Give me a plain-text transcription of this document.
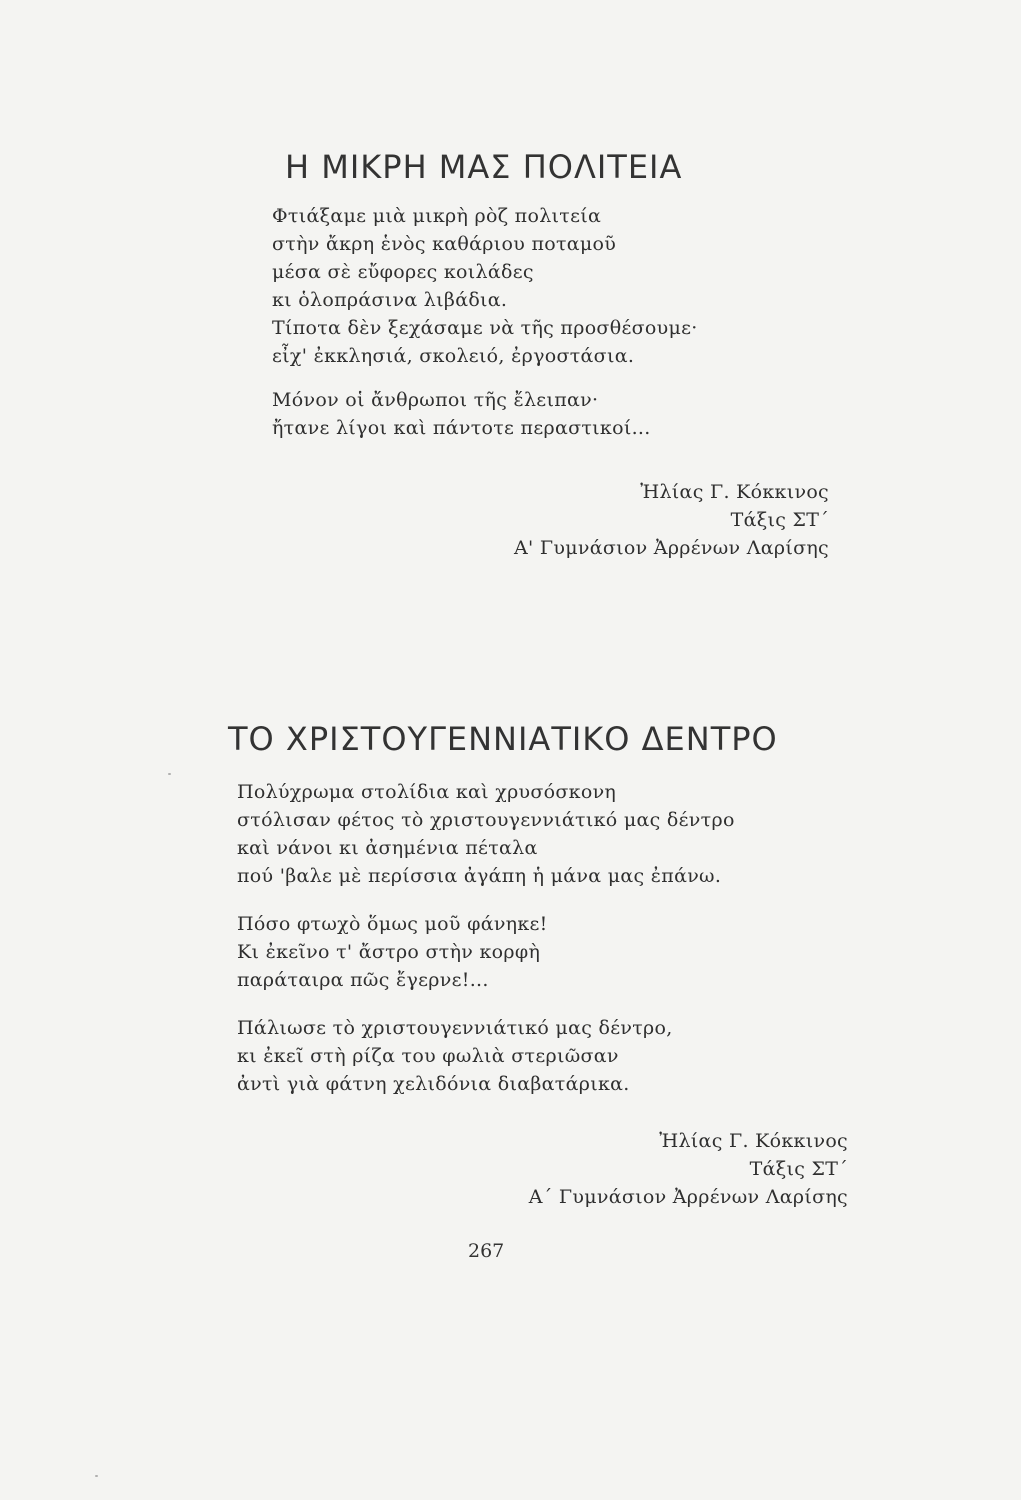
Η ΜΙΚΡΗ ΜΑΣ ΠΟΛΙΤΕΙΑ
Φτιάξαμε μιὰ μικρὴ ρὸζ πολιτεία
στὴν ἄκρη ἑνὸς καθάριου ποταμοῦ
μέσα σὲ εὔφορες κοιλάδες
κι ὁλοπράσινα λιβάδια.
Τίποτα δὲν ξεχάσαμε νὰ τῆς προσθέσουμε·
εἶχ' ἐκκλησιά, σκολειό, ἐργοστάσια.
Μόνον οἱ ἄνθρωποι τῆς ἔλειπαν·
ἤτανε λίγοι καὶ πάντοτε περαστικοί...
Ἠλίας Γ. Κόκκινος
Τάξις ΣΤ΄
Α' Γυμνάσιον Ἀρρένων Λαρίσης
ΤΟ ΧΡΙΣΤΟΥΓΕΝΝΙΑΤΙΚΟ ΔΕΝΤΡΟ
Πολύχρωμα στολίδια καὶ χρυσόσκονη
στόλισαν φέτος τὸ χριστουγεννιάτικό μας δέντρο
καὶ νάνοι κι ἀσημένια πέταλα
πού 'βαλε μὲ περίσσια ἀγάπη ἡ μάνα μας ἐπάνω.
Πόσο φτωχὸ ὅμως μοῦ φάνηκε!
Κι ἐκεῖνο τ' ἄστρο στὴν κορφὴ
παράταιρα πῶς ἔγερνε!...
Πάλιωσε τὸ χριστουγεννιάτικό μας δέντρο,
κι ἐκεῖ στὴ ρίζα του φωλιὰ στεριῶσαν
ἀντὶ γιὰ φάτνη χελιδόνια διαβατάρικα.
Ἠλίας Γ. Κόκκινος
Τάξις ΣΤ΄
Α΄ Γυμνάσιον Ἀρρένων Λαρίσης
267
